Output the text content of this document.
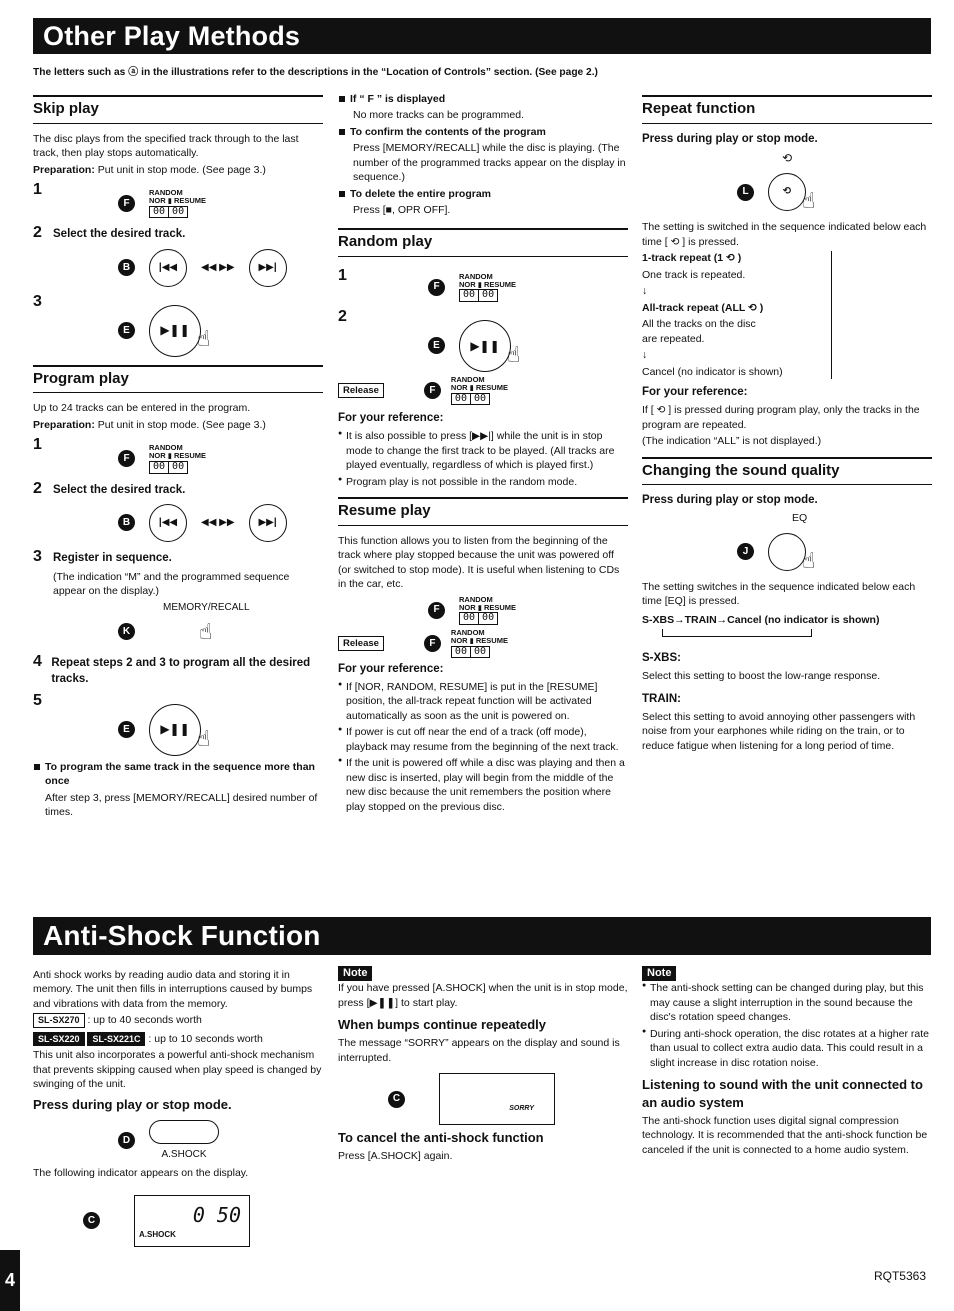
Other Play Methods
The letters such as ⓐ in the illustrations refer to the descriptions in the “Location of Controls” section. (See page 2.)
Skip play

The disc plays from the specified track through to the last track, then play stops automatically.

Preparation: Put unit in stop mode. (See page 3.)

1
F
RANDOM
NOR ▮ RESUME
00 00
2 Select the desired track.
B	|◀◀	◀◀ ▶▶	▶▶|
3
E	▶❚❚ ☝
Program play

Up to 24 tracks can be entered in the program.

Preparation: Put unit in stop mode. (See page 3.)

1
F
RANDOM
NOR ▮ RESUME
00 00
2 Select the desired track.
B	|◀◀	◀◀ ▶▶	▶▶|
3 Register in sequence.

(The indication “M” and the programmed sequence appear on the display.)

MEMORY/RECALL

K	☝
4 Repeat steps 2 and 3 to program all the desired tracks.
5
E	▶❚❚ ☝

To program the same track in the sequence more than once

After step 3, press [MEMORY/RECALL] desired number of times.

If “ F ” is displayed

No more tracks can be programmed.

To confirm the contents of the program

Press [MEMORY/RECALL] while the disc is playing. (The number of the programmed tracks appear on the display in sequence.)

To delete the entire program

Press [■, OPR OFF].

Random play
1
F
RANDOM
NOR ▮ RESUME
00 00
2
E	▶❚❚ ☝
Release	F
RANDOM
NOR ▮ RESUME
00 00

For your reference:

● It is also possible to press [▶▶|] while the unit is in stop mode to change the first track to be played. (All tracks are played eventually, regardless of which is played first.)

● Program play is not possible in the random mode.

Resume play

This function allows you to listen from the beginning of the track where play stopped because the unit was powered off (or switched to stop mode). It is useful when listening to CDs in the car, etc.

F
RANDOM
NOR ▮ RESUME
00 00
Release	F
RANDOM
NOR ▮ RESUME
00 00

For your reference:

● If [NOR, RANDOM, RESUME] is put in the [RESUME] position, the all-track repeat function will be activated automatically as soon as the unit is powered on.

● If power is cut off near the end of a track (off mode), playback may resume from the beginning of the next track.

● If the unit is powered off while a disc was playing and then a new disc is inserted, play will begin from the middle of the new disc because the unit remembers the position where play stopped on the previous disc.

Repeat function

Press during play or stop mode.

⟲

L	⟲ ☝

The setting is switched in the sequence indicated below each time [ ⟲ ] is pressed.

1-track repeat (1 ⟲ )

One track is repeated.

↓

All-track repeat (ALL ⟲ )

All the tracks on the disc are repeated.

↓

Cancel (no indicator is shown)

For your reference:

If [ ⟲ ] is pressed during program play, only the tracks in the program are repeated.

(The indication “ALL” is not displayed.)

Changing the sound quality

Press during play or stop mode.

EQ

J ☝

The setting switches in the sequence indicated below each time [EQ] is pressed.

S-XBS→TRAIN→Cancel (no indicator is shown)

S-XBS:

Select this setting to boost the low-range response.

TRAIN:

Select this setting to avoid annoying other passengers with noise from your earphones while riding on the train, or to reduce fatigue when listening for a long period of time.

Anti-Shock Function

Anti shock works by reading audio data and storing it in memory. The unit then fills in interruptions caused by bumps and vibrations with data from the memory.

SL-SX270 : up to 40 seconds worth

SL-SX220 SL-SX221C : up to 10 seconds worth

This unit also incorporates a powerful anti-shock mechanism that prevents skipping caused when play speed is changed by swinging of the unit.

Press during play or stop mode.

D
A.SHOCK

The following indicator appears on the display.

C	0 50
A.SHOCK
Note

If you have pressed [A.SHOCK] when the unit is in stop mode, press [▶❚❚] to start play.

When bumps continue repeatedly

The message “SORRY” appears on the display and sound is interrupted.

C
SORRY

To cancel the anti-shock function

Press [A.SHOCK] again.

Note

● The anti-shock setting can be changed during play, but this may cause a slight interruption in the sound because the disc's rotation speed changes.

● During anti-shock operation, the disc rotates at a higher rate than usual to collect extra audio data. This could result in a slight increase in disc rotation noise.

Listening to sound with the unit connected to an audio system

The anti-shock function uses digital signal compression technology. It is recommended that the anti-shock function be canceled if the unit is connected to a home audio system.

4	RQT5363
